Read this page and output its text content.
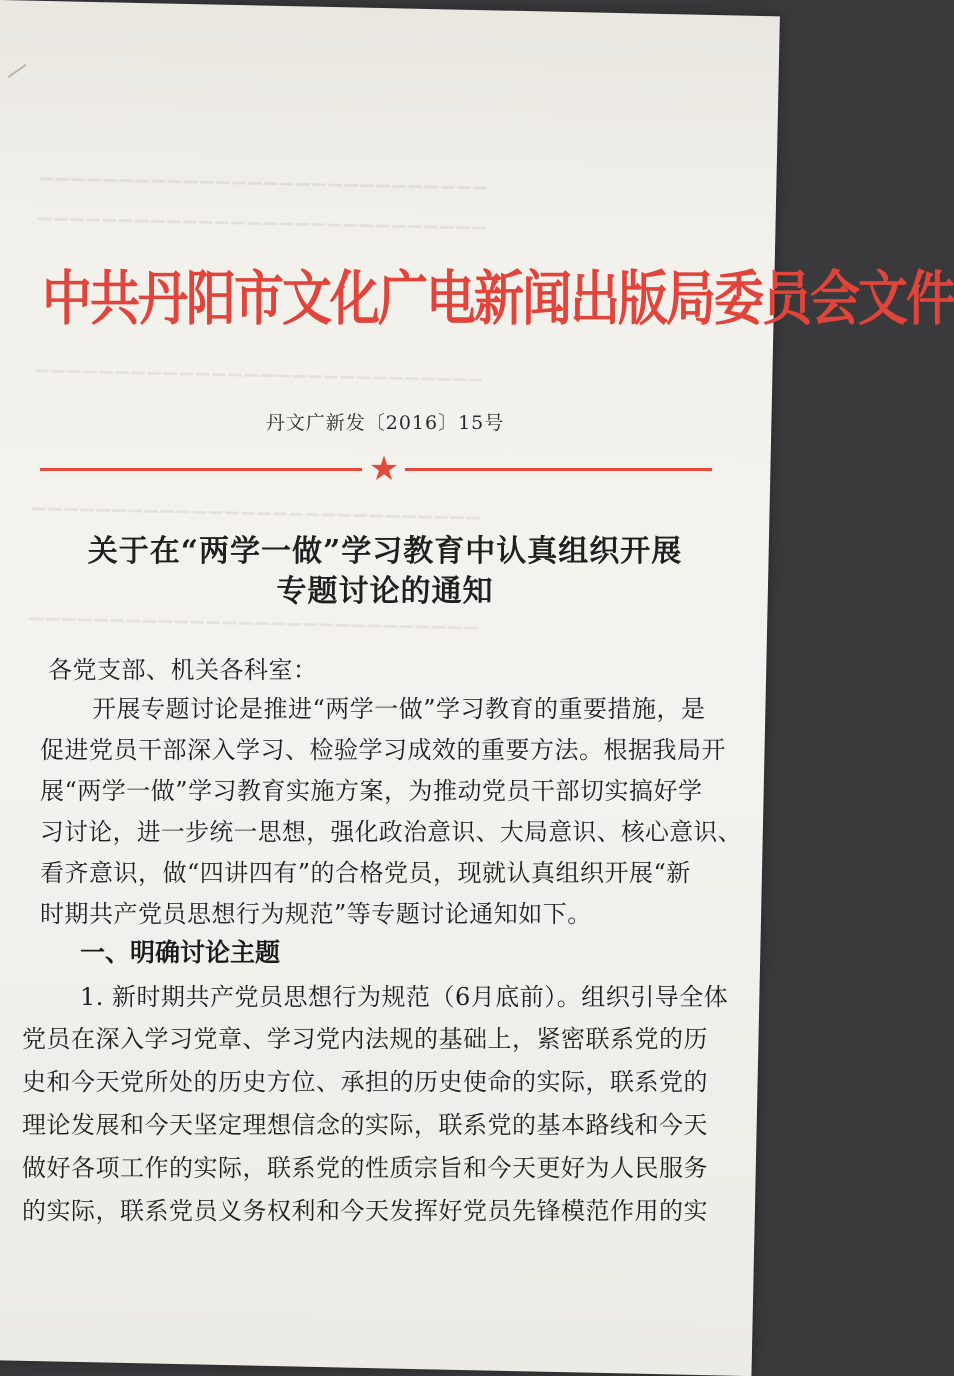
▁▁▁▁▁▁▁▁▁▁▁▁▁▁▁▁▁▁▁▁▁▁▁▁▁▁▁▁
▁▁▁▁▁▁▁▁▁▁▁▁▁▁▁▁▁▁▁▁▁▁▁▁▁▁▁▁
▁▁▁▁▁▁▁▁▁▁▁▁▁▁▁▁▁▁▁▁▁▁▁▁▁▁▁▁
▁▁▁▁▁▁▁▁▁▁▁▁▁▁▁▁▁▁▁▁▁▁▁▁▁▁▁▁
▁▁▁▁▁▁▁▁▁▁▁▁▁▁▁▁▁▁▁▁▁▁▁▁▁▁▁▁
中共丹阳市文化广电新闻出版局委员会文件
丹文广新发〔2016〕15号
★
关于在“两学一做”学习教育中认真组织开展
专题讨论的通知
各党支部、机关各科室：
开展专题讨论是推进“两学一做”学习教育的重要措施，是
促进党员干部深入学习、检验学习成效的重要方法。根据我局开
展“两学一做”学习教育实施方案，为推动党员干部切实搞好学
习讨论，进一步统一思想，强化政治意识、大局意识、核心意识、
看齐意识，做“四讲四有”的合格党员，现就认真组织开展“新
时期共产党员思想行为规范”等专题讨论通知如下。
一、明确讨论主题
1. 新时期共产党员思想行为规范（6月底前）。组织引导全体
党员在深入学习党章、学习党内法规的基础上，紧密联系党的历
史和今天党所处的历史方位、承担的历史使命的实际，联系党的
理论发展和今天坚定理想信念的实际，联系党的基本路线和今天
做好各项工作的实际，联系党的性质宗旨和今天更好为人民服务
的实际，联系党员义务权利和今天发挥好党员先锋模范作用的实
